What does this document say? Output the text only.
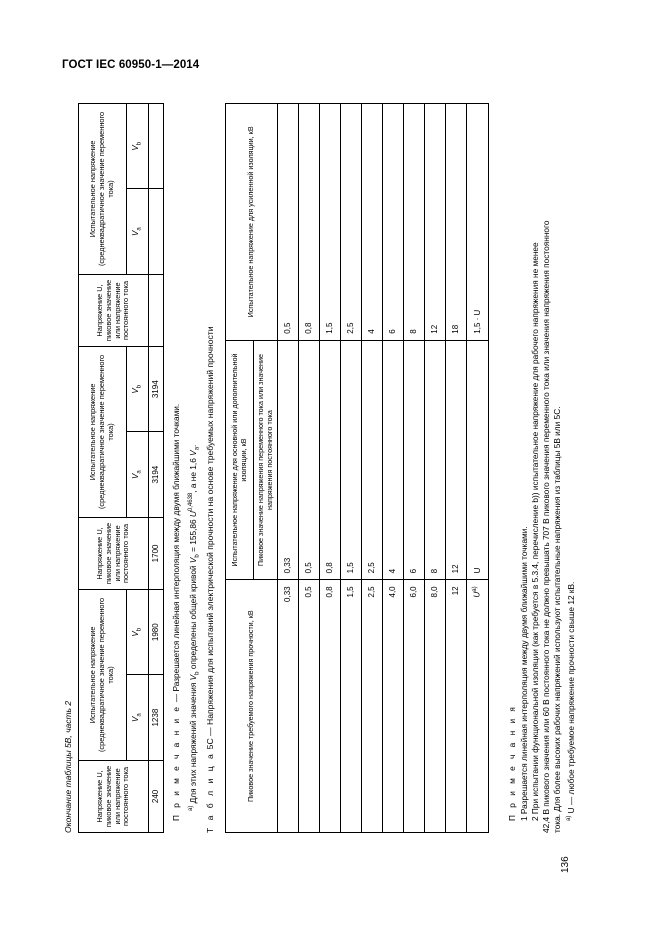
ГОСТ IEC 60950-1—2014
136
Окончание таблицы 5В, часть 2	Напряжение U, пиковое значение или напряжение постоянного тока	Испытательное напряжение (среднеквадратичное значение переменного тока)		Напряжение U, пиковое значение или напряжение постоянного тока	Испытательное напряжение (среднеквадратичное значение переменного тока)		Напряжение U, пиковое значение или напряжение постоянного тока	Испытательное напряжение (среднеквадратичное значение переменного тока)	
	$V_a$	$V_b$		$V_a$	$V_b$		$V_a$	$V_b$
240	1238	1980	1700	3194	3194			
П р и м е ч а н и е — Разрешается линейная интерполяция между двумя ближайшими точками.
$^{a)}$ Для этих напряжений значения $V_b$ определены общей кривой $V_b = 155,86$ $U^{0,4638}$, а не 1,6 $V_a$.
Т а б л и ц а 5С — Напряжения для испытаний электрической прочности на основе требуемых напряжений прочности	Пиковое значение требуемого напряжения прочности, кВ	Испытательное напряжение для основной или дополнительной изоляции, кВ	Испытательное напряжение для усиленной изоляции, кВ
	Пиковое значение напряжения переменного тока или значение напряжения постоянного тока	
0,33	0,33	0,5
0,5	0,5	0,8
0,8	0,8	1,5
1,5	1,5	2,5
2,5	2,5	4
4,0	4	6
6,0	6	8
8,0	8	12
12	12	18
$U^{a)}$	U	1,5 · U
П р и м е ч а н и я 1 Разрешается линейная интерполяция между двумя ближайшими точками. 2 При испытании функциональной изоляции (как требуется в 5.3.4, перечисление b)) испытательное напряжение для рабочего напряжения не менее 42,4 В пикового значения или 60 В постоянного тока не должно превышать 707 В пикового значения переменного тока или значения напряжения постоянного тока. Для более высоких рабочих напряжений используют испытательные напряжения из таблицы 5В или 5С. $^{a)}$ U — любое требуемое напряжение прочности свыше 12 кВ.
